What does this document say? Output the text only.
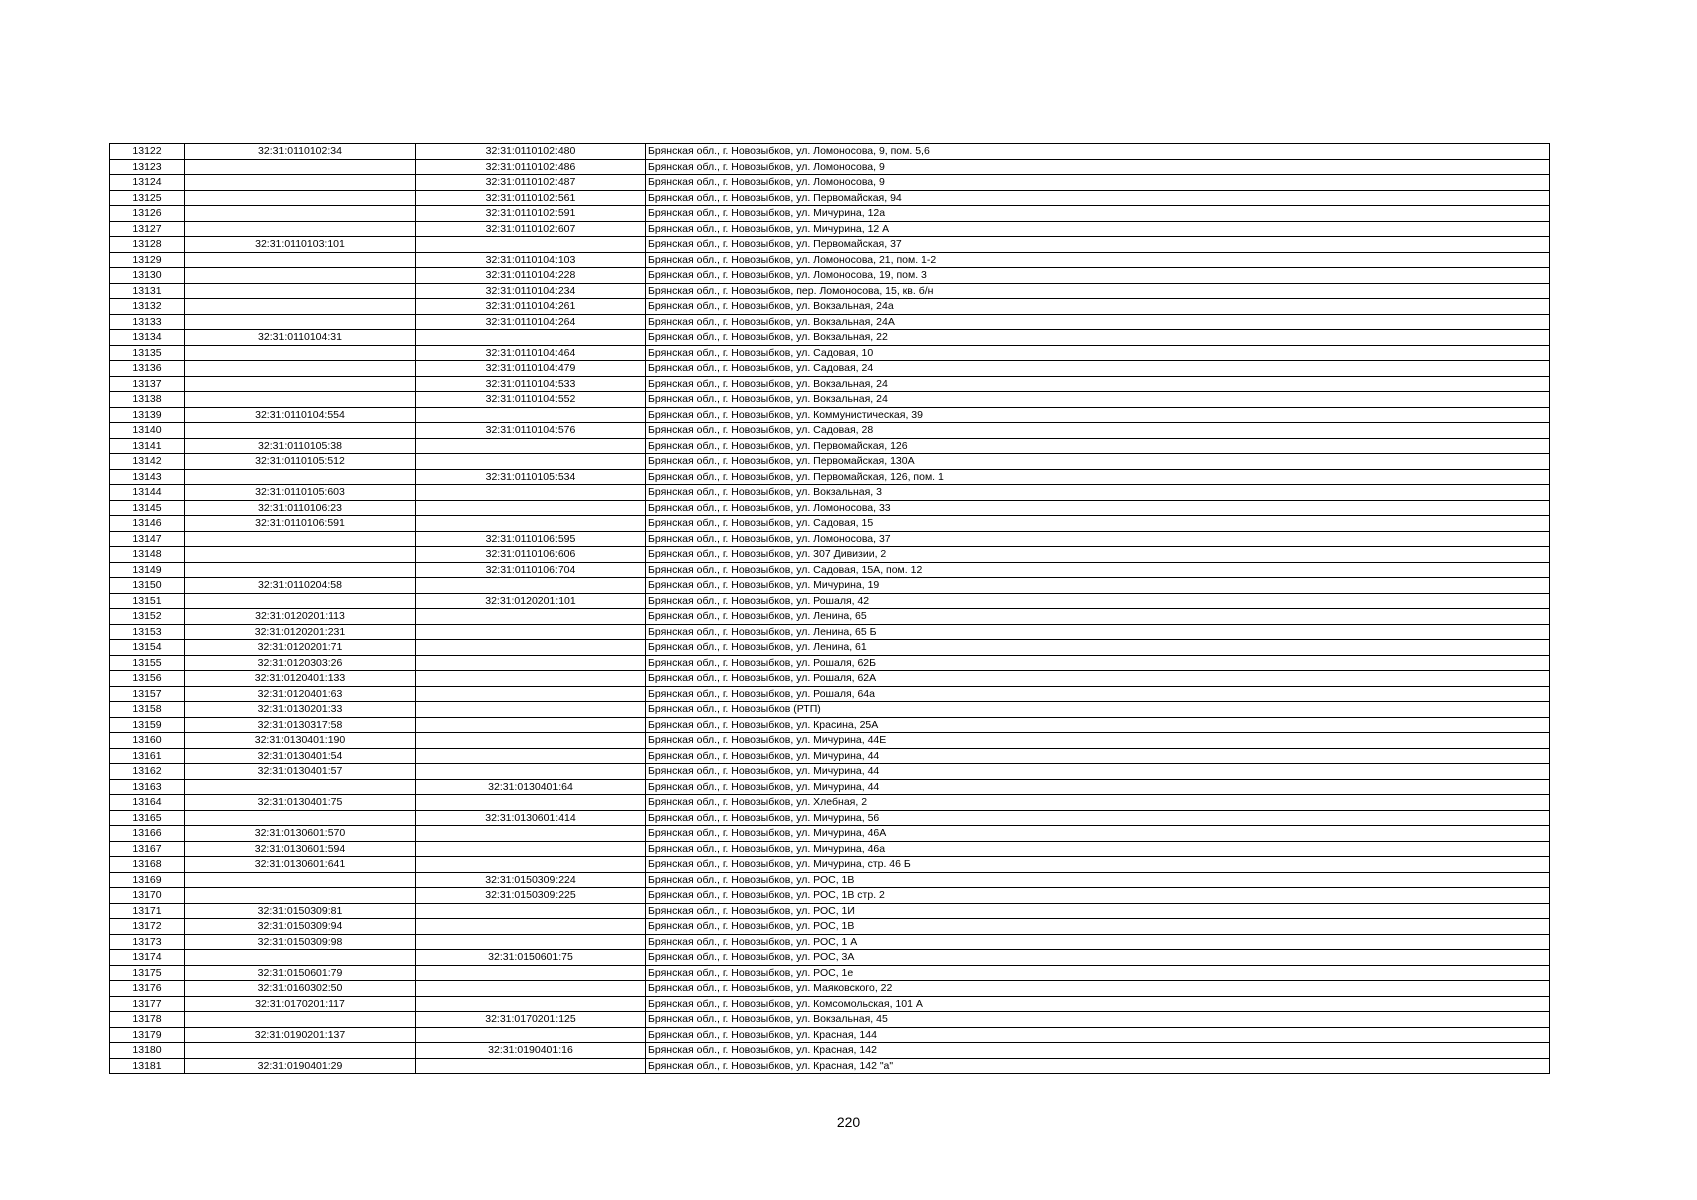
13122	32:31:0110102:34	32:31:0110102:480	Брянская обл., г. Новозыбков, ул. Ломоносова, 9, пом. 5,6
13123		32:31:0110102:486	Брянская обл., г. Новозыбков, ул. Ломоносова, 9
13124		32:31:0110102:487	Брянская обл., г. Новозыбков, ул. Ломоносова, 9
13125		32:31:0110102:561	Брянская обл., г. Новозыбков, ул. Первомайская, 94
13126		32:31:0110102:591	Брянская обл., г. Новозыбков, ул. Мичурина, 12а
13127		32:31:0110102:607	Брянская обл., г. Новозыбков, ул. Мичурина, 12 А
13128	32:31:0110103:101		Брянская обл., г. Новозыбков, ул. Первомайская, 37
13129		32:31:0110104:103	Брянская обл., г. Новозыбков, ул. Ломоносова, 21, пом. 1-2
13130		32:31:0110104:228	Брянская обл., г. Новозыбков, ул. Ломоносова, 19, пом. 3
13131		32:31:0110104:234	Брянская обл., г. Новозыбков, пер. Ломоносова, 15, кв. б/н
13132		32:31:0110104:261	Брянская обл., г. Новозыбков, ул. Вокзальная, 24а
13133		32:31:0110104:264	Брянская обл., г. Новозыбков, ул. Вокзальная, 24А
13134	32:31:0110104:31		Брянская обл., г. Новозыбков, ул. Вокзальная, 22
13135		32:31:0110104:464	Брянская обл., г. Новозыбков, ул. Садовая, 10
13136		32:31:0110104:479	Брянская обл., г. Новозыбков, ул. Садовая, 24
13137		32:31:0110104:533	Брянская обл., г. Новозыбков, ул. Вокзальная, 24
13138		32:31:0110104:552	Брянская обл., г. Новозыбков, ул. Вокзальная, 24
13139	32:31:0110104:554		Брянская обл., г. Новозыбков, ул. Коммунистическая, 39
13140		32:31:0110104:576	Брянская обл., г. Новозыбков, ул. Садовая, 28
13141	32:31:0110105:38		Брянская обл., г. Новозыбков, ул. Первомайская, 126
13142	32:31:0110105:512		Брянская обл., г. Новозыбков, ул. Первомайская, 130А
13143		32:31:0110105:534	Брянская обл., г. Новозыбков, ул. Первомайская, 126, пом. 1
13144	32:31:0110105:603		Брянская обл., г. Новозыбков, ул. Вокзальная, 3
13145	32:31:0110106:23		Брянская обл., г. Новозыбков, ул. Ломоносова, 33
13146	32:31:0110106:591		Брянская обл., г. Новозыбков, ул. Садовая, 15
13147		32:31:0110106:595	Брянская обл., г. Новозыбков, ул. Ломоносова, 37
13148		32:31:0110106:606	Брянская обл., г. Новозыбков, ул. 307 Дивизии, 2
13149		32:31:0110106:704	Брянская обл., г. Новозыбков, ул. Садовая, 15А, пом. 12
13150	32:31:0110204:58		Брянская обл., г. Новозыбков, ул. Мичурина, 19
13151		32:31:0120201:101	Брянская обл., г. Новозыбков, ул. Рошаля, 42
13152	32:31:0120201:113		Брянская обл., г. Новозыбков, ул. Ленина, 65
13153	32:31:0120201:231		Брянская обл., г. Новозыбков, ул. Ленина, 65 Б
13154	32:31:0120201:71		Брянская обл., г. Новозыбков, ул. Ленина, 61
13155	32:31:0120303:26		Брянская обл., г. Новозыбков, ул. Рошаля, 62Б
13156	32:31:0120401:133		Брянская обл., г. Новозыбков, ул. Рошаля, 62А
13157	32:31:0120401:63		Брянская обл., г. Новозыбков, ул. Рошаля, 64а
13158	32:31:0130201:33		Брянская обл., г. Новозыбков (РТП)
13159	32:31:0130317:58		Брянская обл., г. Новозыбков, ул. Красина, 25А
13160	32:31:0130401:190		Брянская обл., г. Новозыбков, ул. Мичурина, 44Е
13161	32:31:0130401:54		Брянская обл., г. Новозыбков, ул. Мичурина, 44
13162	32:31:0130401:57		Брянская обл., г. Новозыбков, ул. Мичурина, 44
13163		32:31:0130401:64	Брянская обл., г. Новозыбков, ул. Мичурина, 44
13164	32:31:0130401:75		Брянская обл., г. Новозыбков, ул. Хлебная, 2
13165		32:31:0130601:414	Брянская обл., г. Новозыбков, ул. Мичурина, 56
13166	32:31:0130601:570		Брянская обл., г. Новозыбков, ул. Мичурина, 46А
13167	32:31:0130601:594		Брянская обл., г. Новозыбков, ул. Мичурина, 46а
13168	32:31:0130601:641		Брянская обл., г. Новозыбков, ул. Мичурина, стр. 46 Б
13169		32:31:0150309:224	Брянская обл., г. Новозыбков, ул. РОС, 1В
13170		32:31:0150309:225	Брянская обл., г. Новозыбков, ул. РОС, 1В стр. 2
13171	32:31:0150309:81		Брянская обл., г. Новозыбков, ул. РОС, 1И
13172	32:31:0150309:94		Брянская обл., г. Новозыбков, ул. РОС, 1В
13173	32:31:0150309:98		Брянская обл., г. Новозыбков, ул. РОС, 1 А
13174		32:31:0150601:75	Брянская обл., г. Новозыбков, ул. РОС, 3А
13175	32:31:0150601:79		Брянская обл., г. Новозыбков, ул. РОС, 1е
13176	32:31:0160302:50		Брянская обл., г. Новозыбков, ул. Маяковского, 22
13177	32:31:0170201:117		Брянская обл., г. Новозыбков, ул. Комсомольская, 101 А
13178		32:31:0170201:125	Брянская обл., г. Новозыбков, ул. Вокзальная, 45
13179	32:31:0190201:137		Брянская обл., г. Новозыбков, ул. Красная, 144
13180		32:31:0190401:16	Брянская обл., г. Новозыбков, ул. Красная, 142
13181	32:31:0190401:29		Брянская обл., г. Новозыбков, ул. Красная, 142 "а"
220
